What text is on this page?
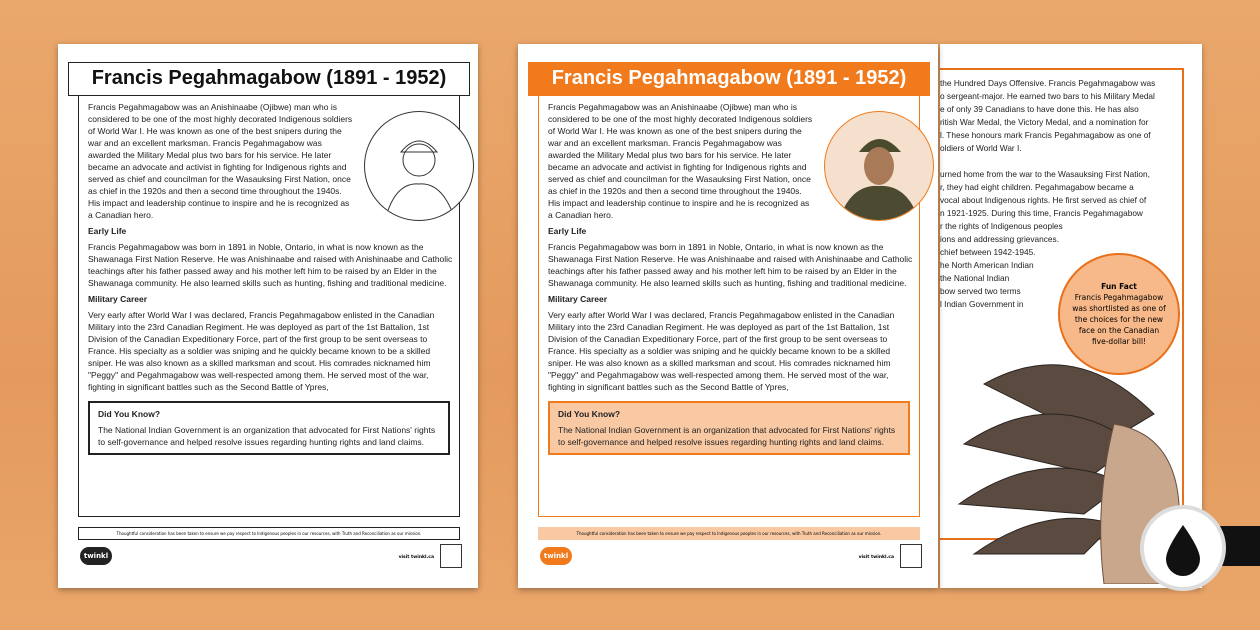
Francis Pegahmagabow (1891 - 1952)
Francis Pegahmagabow was an Anishinaabe (Ojibwe) man who is considered to be one of the most highly decorated Indigenous soldiers of World War I. He was known as one of the best snipers during the war and an excellent marksman. Francis Pegahmagabow was awarded the Military Medal plus two bars for his service. He later became an advocate and activist in fighting for Indigenous rights and served as chief and councilman for the Wasauksing First Nation, once as chief in the 1920s and then a second time throughout the 1940s. His impact and leadership continue to inspire and he is recognized as a Canadian hero.
Early Life
Francis Pegahmagabow was born in 1891 in Noble, Ontario, in what is now known as the Shawanaga First Nation Reserve. He was Anishinaabe and raised with Anishinaabe and Catholic teachings after his father passed away and his mother left him to be raised by an Elder in the Shawanaga community. He also learned skills such as hunting, fishing and traditional medicine.
Military Career
Very early after World War I was declared, Francis Pegahmagabow enlisted in the Canadian Military into the 23rd Canadian Regiment. He was deployed as part of the 1st Battalion, 1st Division of the Canadian Expeditionary Force, part of the first group to be sent overseas to France. His specialty as a soldier was sniping and he quickly became known to be a skilled sniper. He was also known as a skilled marksman and scout. His comrades nicknamed him "Peggy" and Pegahmagabow was well-respected among them. He served most of the war, fighting in significant battles such as the Second Battle of Ypres,
Did You Know?
The National Indian Government is an organization that advocated for First Nations' rights to self-governance and helped resolve issues regarding hunting rights and land claims.
Thoughtful consideration has been taken to ensure we pay respect to Indigenous peoples in our resources, with Truth and Reconciliation as our mission.
twinkl	visit twinkl.ca
Francis Pegahmagabow (1891 - 1952)
Francis Pegahmagabow was an Anishinaabe (Ojibwe) man who is considered to be one of the most highly decorated Indigenous soldiers of World War I. He was known as one of the best snipers during the war and an excellent marksman. Francis Pegahmagabow was awarded the Military Medal plus two bars for his service. He later became an advocate and activist in fighting for Indigenous rights and served as chief and councilman for the Wasauksing First Nation, once as chief in the 1920s and then a second time throughout the 1940s. His impact and leadership continue to inspire and he is recognized as a Canadian hero.
Early Life
Francis Pegahmagabow was born in 1891 in Noble, Ontario, in what is now known as the Shawanaga First Nation Reserve. He was Anishinaabe and raised with Anishinaabe and Catholic teachings after his father passed away and his mother left him to be raised by an Elder in the Shawanaga community. He also learned skills such as hunting, fishing and traditional medicine.
Military Career
Very early after World War I was declared, Francis Pegahmagabow enlisted in the Canadian Military into the 23rd Canadian Regiment. He was deployed as part of the 1st Battalion, 1st Division of the Canadian Expeditionary Force, part of the first group to be sent overseas to France. His specialty as a soldier was sniping and he quickly became known to be a skilled sniper. He was also known as a skilled marksman and scout. His comrades nicknamed him "Peggy" and Pegahmagabow was well-respected among them. He served most of the war, fighting in significant battles such as the Second Battle of Ypres,
Did You Know?
The National Indian Government is an organization that advocated for First Nations' rights to self-governance and helped resolve issues regarding hunting rights and land claims.
Thoughtful consideration has been taken to ensure we pay respect to Indigenous peoples in our resources, with Truth and Reconciliation as our mission.
twinkl	visit twinkl.ca
the Hundred Days Offensive. Francis Pegahmagabow was
o sergeant-major. He earned two bars to his Military Medal
e of only 39 Canadians to have done this. He has also
ritish War Medal, the Victory Medal, and a nomination for
l. These honours mark Francis Pegahmagabow as one of
oldiers of World War I.
urned home from the war to the Wasauksing First Nation,
r, they had eight children. Pegahmagabow became a
vocal about Indigenous rights. He first served as chief of
n 1921-1925. During this time, Francis Pegahmagabow
r the rights of Indigenous peoples
ions and addressing grievances.
chief between 1942-1945.
he North American Indian
the National Indian
bow served two terms
l Indian Government in
Fun Fact
Francis Pegahmagabow was shortlisted as one of the choices for the new face on the Canadian five-dollar bill!
